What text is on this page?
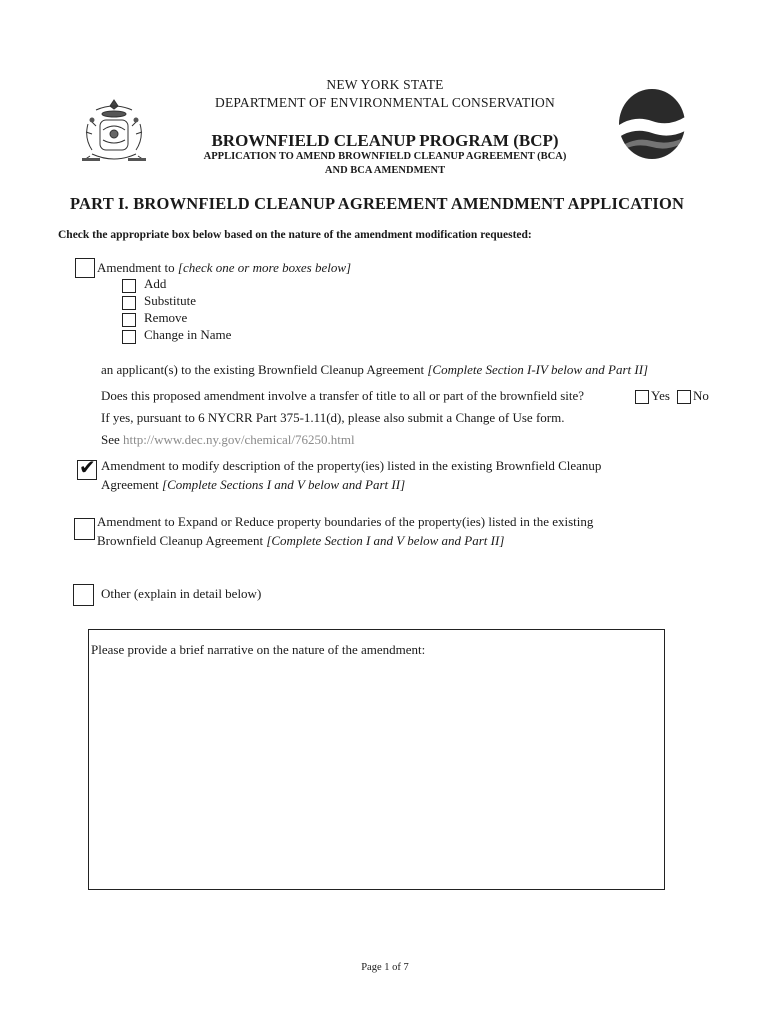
NEW YORK STATE
DEPARTMENT OF ENVIRONMENTAL CONSERVATION
BROWNFIELD CLEANUP PROGRAM (BCP)
APPLICATION TO AMEND BROWNFIELD CLEANUP AGREEMENT (BCA)
AND BCA AMENDMENT
PART I. BROWNFIELD CLEANUP AGREEMENT AMENDMENT APPLICATION
Check the appropriate box below based on the nature of the amendment modification requested:
Amendment to [check one or more boxes below]
Add
Substitute
Remove
Change in Name
an applicant(s) to the existing Brownfield Cleanup Agreement [Complete Section I-IV below and Part II]
Does this proposed amendment involve a transfer of title to all or part of the brownfield site?	Yes No
If yes, pursuant to 6 NYCRR Part 375-1.11(d), please also submit a Change of Use form.
See http://www.dec.ny.gov/chemical/76250.html
✔ Amendment to modify description of the property(ies) listed in the existing Brownfield Cleanup
Agreement [Complete Sections I and V below and Part II]
Amendment to Expand or Reduce property boundaries of the property(ies) listed in the existing
Brownfield Cleanup Agreement [Complete Section I and V below and Part II]
Other (explain in detail below)
Please provide a brief narrative on the nature of the amendment:
Page 1 of 7
